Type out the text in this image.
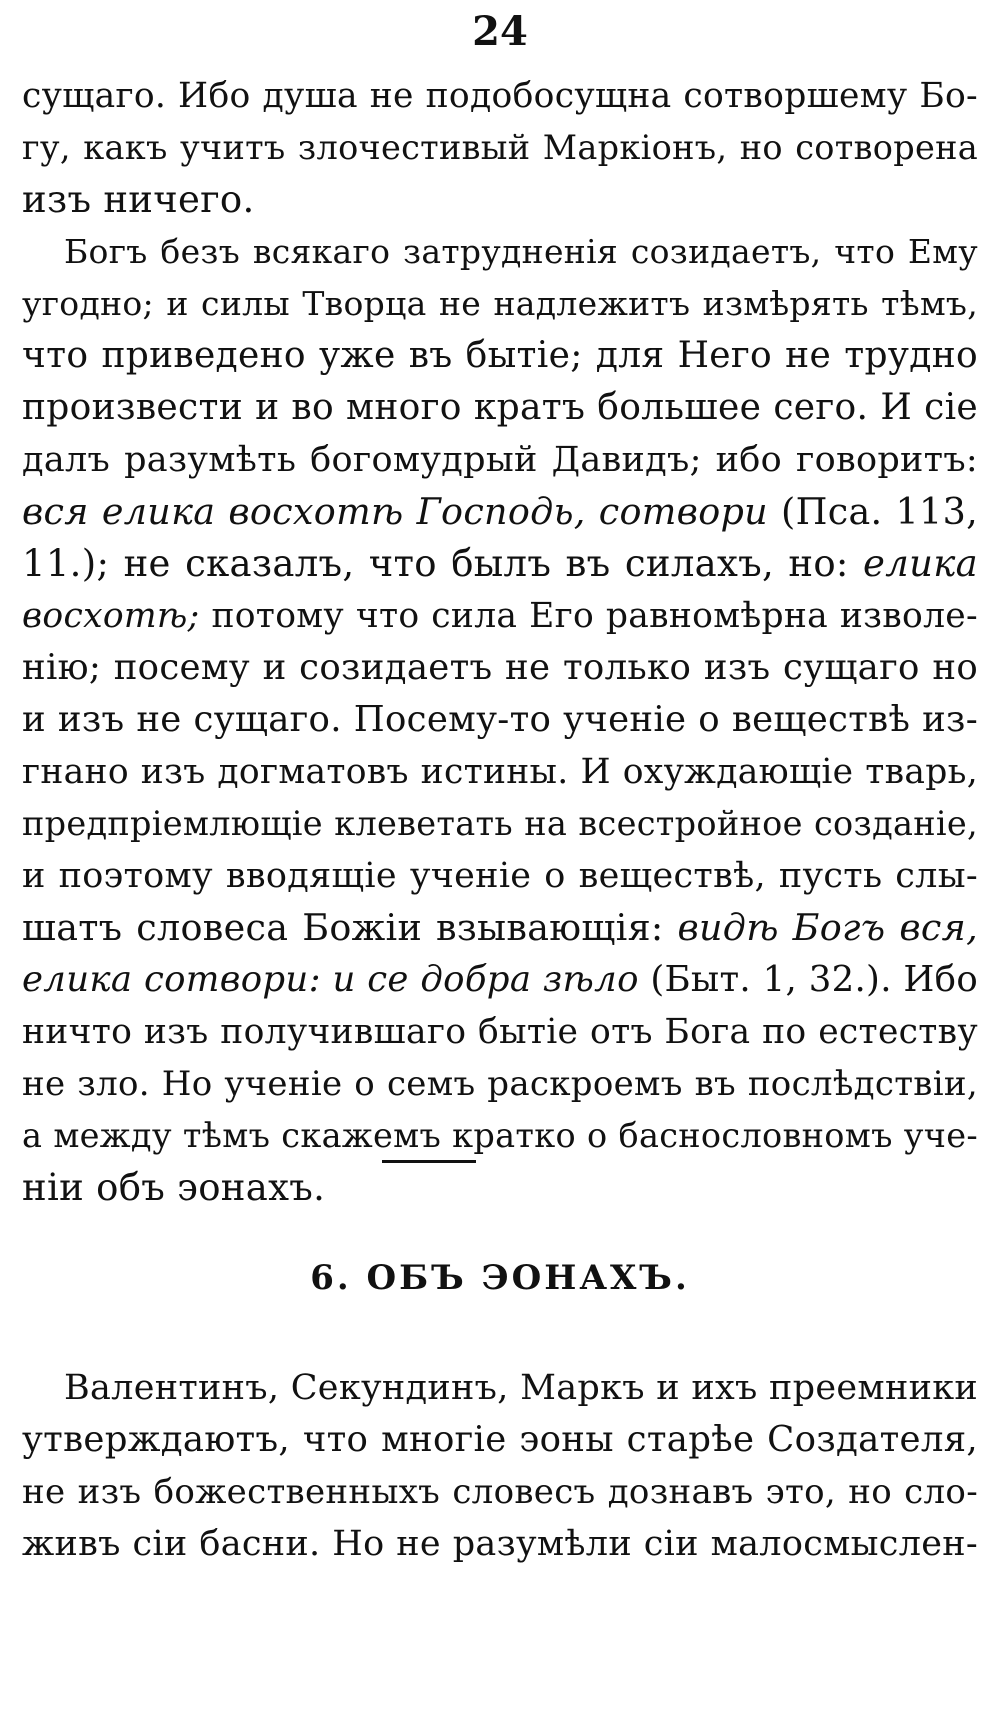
24
сущаго. Ибо душа не подобосущна сотворшему Бо-
гу, какъ учитъ злочестивый Маркіонъ, но сотворена
изъ ничего.
Богъ безъ всякаго затрудненія созидаетъ, что Ему
угодно; и силы Творца не надлежитъ измѣрять тѣмъ,
что приведено уже въ бытіе; для Него не трудно
произвести и во много кратъ большее сего. И сіе
далъ разумѣть богомудрый Давидъ; ибо говоритъ:
вся елика восхотѣ Господь, сотвори (Пса. 113,
11.); не сказалъ, что былъ въ силахъ, но: елика
восхотѣ; потому что сила Его равномѣрна изволе-
нію; посему и созидаетъ не только изъ сущаго но
и изъ не сущаго. Посему-то ученіе о веществѣ из-
гнано изъ догматовъ истины. И охуждающіе тварь,
предпріемлющіе клеветать на всестройное созданіе,
и поэтому вводящіе ученіе о веществѣ, пусть слы-
шатъ словеса Божіи взывающія: видѣ Богъ вся,
елика сотвори: и се добра зѣло (Быт. 1, 32.). Ибо
ничто изъ получившаго бытіе отъ Бога по естеству
не зло. Но ученіе о семъ раскроемъ въ послѣдствіи,
а между тѣмъ скажемъ кратко о баснословномъ уче-
ніи объ эонахъ.
6. ОБЪ ЭОНАХЪ.
Валентинъ, Секундинъ, Маркъ и ихъ преемники
утверждаютъ, что многіе эоны старѣе Создателя,
не изъ божественныхъ словесъ дознавъ это, но сло-
живъ сіи басни. Но не разумѣли сіи малосмыслен-
